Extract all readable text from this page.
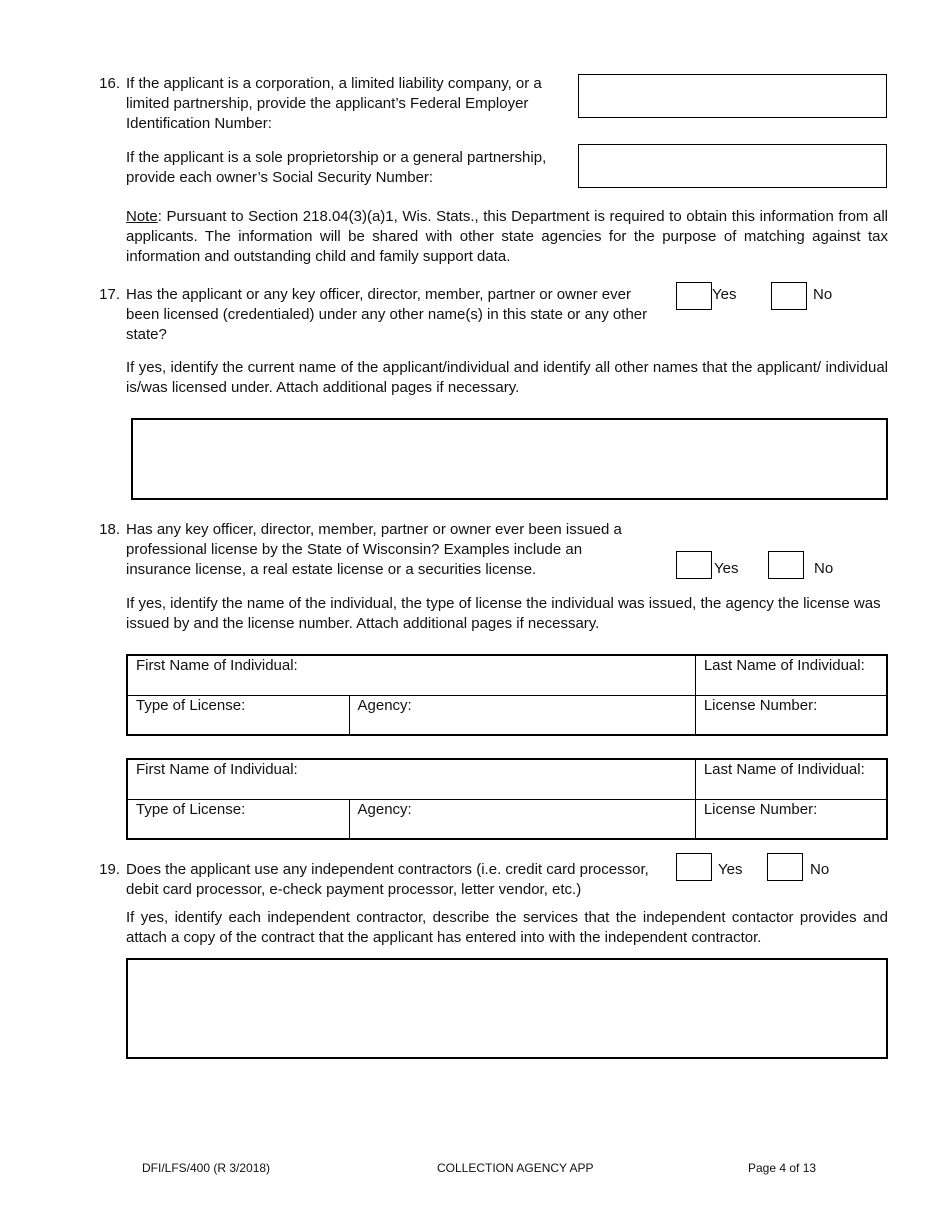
16. If the applicant is a corporation, a limited liability company, or a limited partnership, provide the applicant’s Federal Employer Identification Number:
If the applicant is a sole proprietorship or a general partnership, provide each owner’s Social Security Number:
Note: Pursuant to Section 218.04(3)(a)1, Wis. Stats., this Department is required to obtain this information from all applicants. The information will be shared with other state agencies for the purpose of matching against tax information and outstanding child and family support data.
17. Has the applicant or any key officer, director, member, partner or owner ever been licensed (credentialed) under any other name(s) in this state or any other state?
Yes	No
If yes, identify the current name of the applicant/individual and identify all other names that the applicant/ individual is/was licensed under. Attach additional pages if necessary.
18. Has any key officer, director, member, partner or owner ever been issued a professional license by the State of Wisconsin? Examples include an insurance license, a real estate license or a securities license.	Yes	No
If yes, identify the name of the individual, the type of license the individual was issued, the agency the license was issued by and the license number. Attach additional pages if necessary.
First Name of Individual:		Last Name of Individual:
Type of License:	Agency:	License Number:
First Name of Individual:		Last Name of Individual:
Type of License:	Agency:	License Number:
19. Does the applicant use any independent contractors (i.e. credit card processor, debit card processor, e-check payment processor, letter vendor, etc.)
Yes	No
If yes, identify each independent contractor, describe the services that the independent contactor provides and attach a copy of the contract that the applicant has entered into with the independent contractor.
DFI/LFS/400 (R 3/2018)	COLLECTION AGENCY APP	Page 4 of 13
